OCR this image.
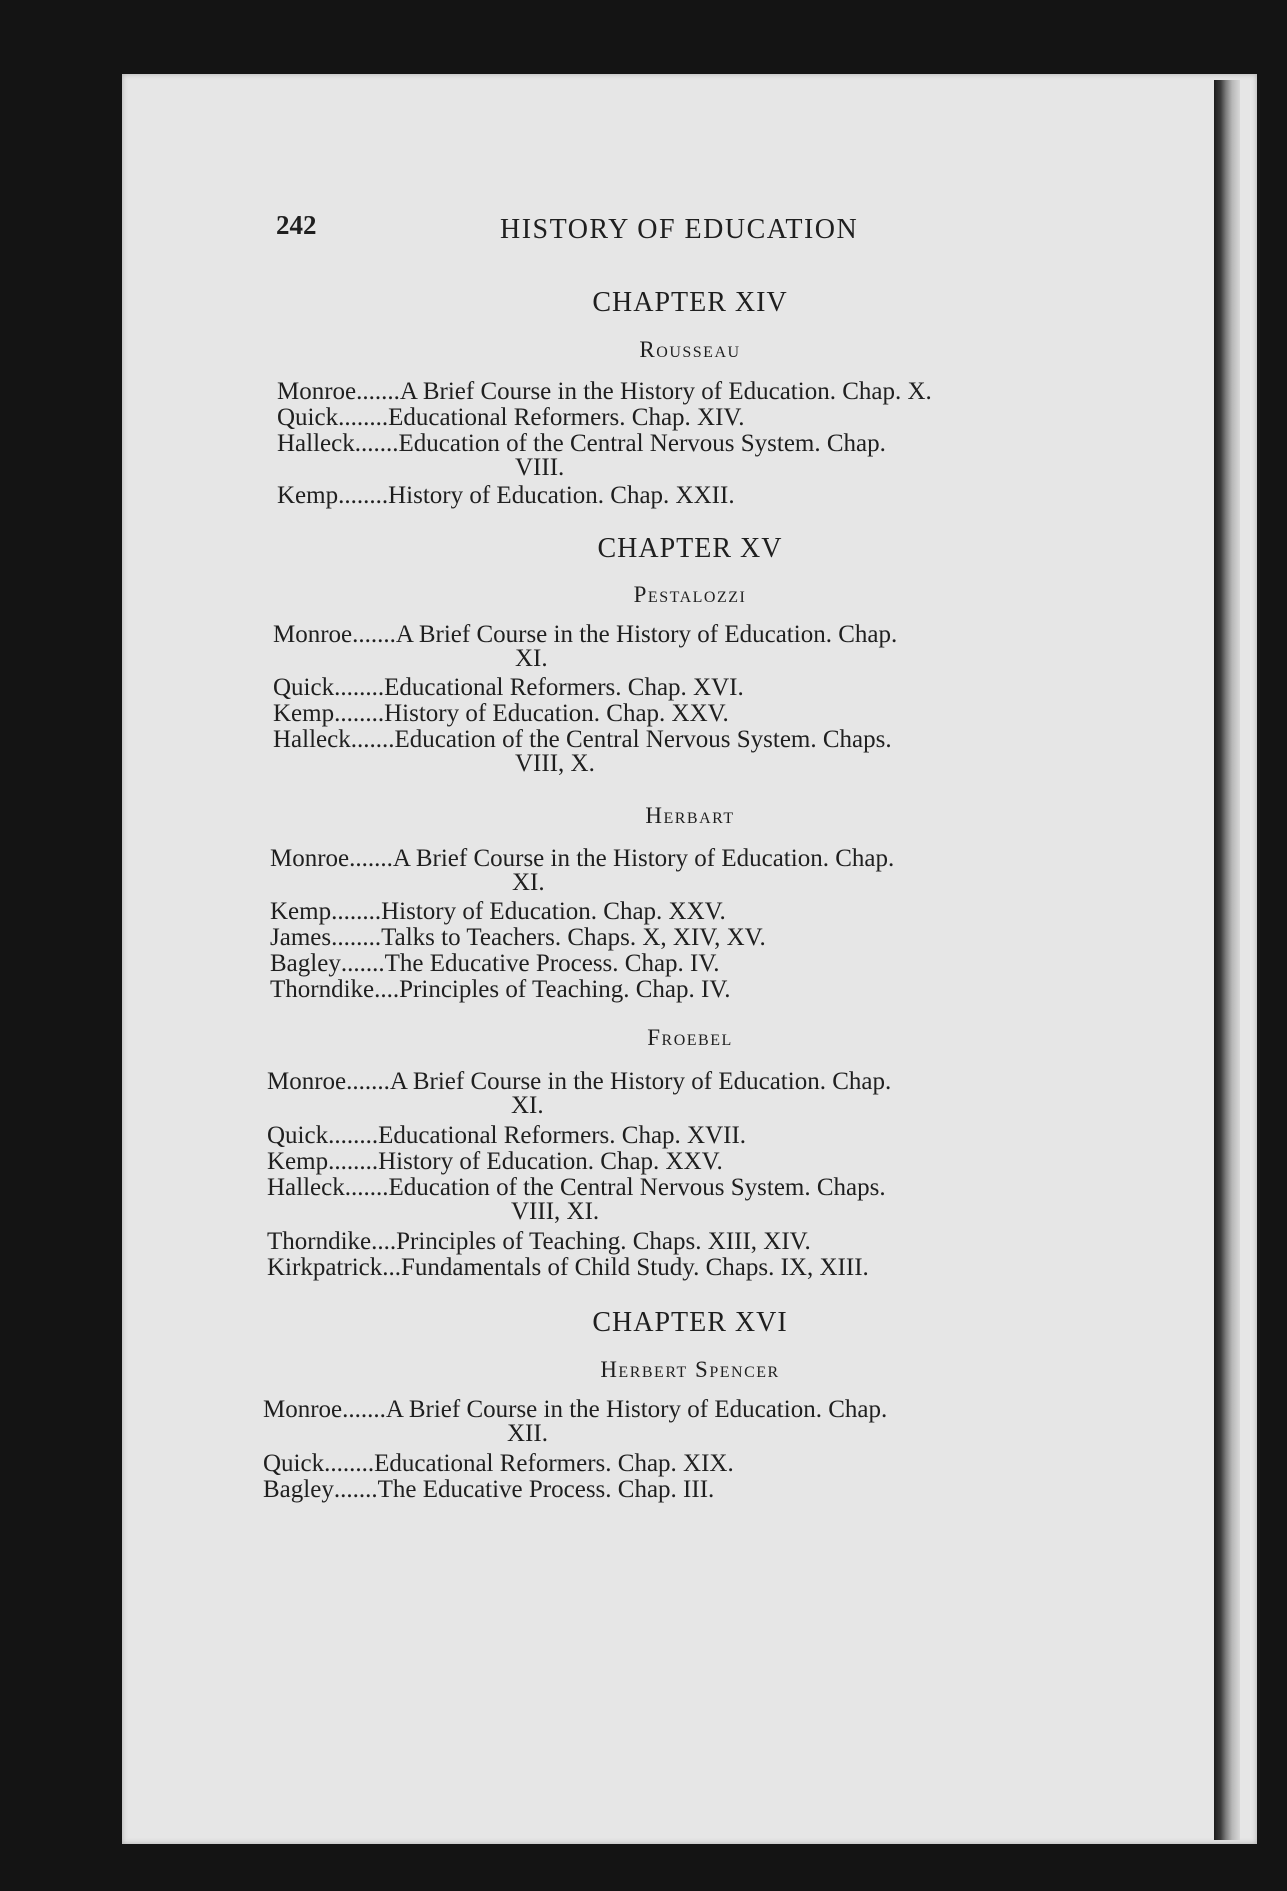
242	HISTORY OF EDUCATION
CHAPTER XIV
Rousseau
Monroe.......A Brief Course in the History of Education. Chap. X.
Quick........Educational Reformers. Chap. XIV.
Halleck.......Education of the Central Nervous System. Chap.
VIII.
Kemp........History of Education. Chap. XXII.
CHAPTER XV
Pestalozzi
Monroe.......A Brief Course in the History of Education. Chap.
XI.
Quick........Educational Reformers. Chap. XVI.
Kemp........History of Education. Chap. XXV.
Halleck.......Education of the Central Nervous System. Chaps.
VIII, X.
Herbart
Monroe.......A Brief Course in the History of Education. Chap.
XI.
Kemp........History of Education. Chap. XXV.
James........Talks to Teachers. Chaps. X, XIV, XV.
Bagley.......The Educative Process. Chap. IV.
Thorndike....Principles of Teaching. Chap. IV.
Froebel
Monroe.......A Brief Course in the History of Education. Chap.
XI.
Quick........Educational Reformers. Chap. XVII.
Kemp........History of Education. Chap. XXV.
Halleck.......Education of the Central Nervous System. Chaps.
VIII, XI.
Thorndike....Principles of Teaching. Chaps. XIII, XIV.
Kirkpatrick...Fundamentals of Child Study. Chaps. IX, XIII.
CHAPTER XVI
Herbert Spencer
Monroe.......A Brief Course in the History of Education. Chap.
XII.
Quick........Educational Reformers. Chap. XIX.
Bagley.......The Educative Process. Chap. III.
